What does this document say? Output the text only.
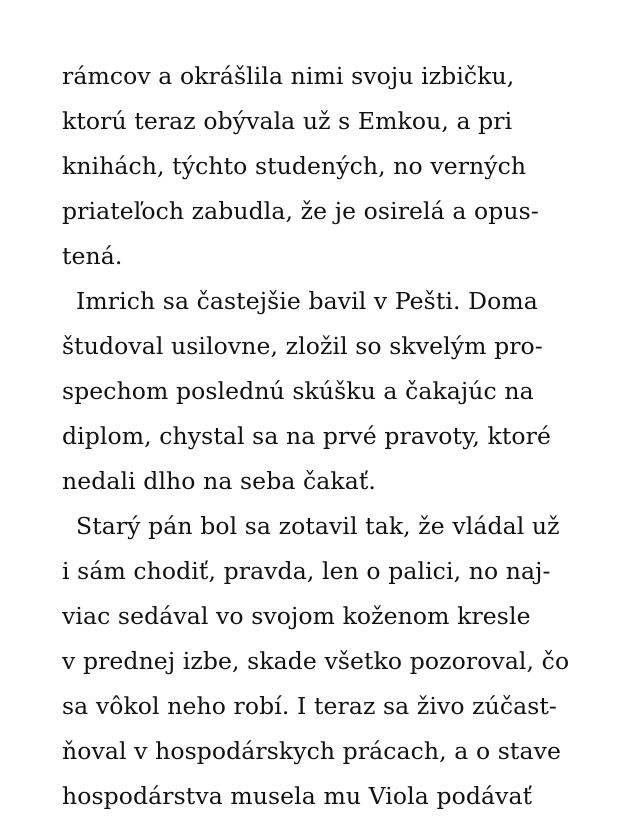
rámcov a okrášlila nimi svoju izbičku,
ktorú teraz obývala už s Emkou, a pri
knihách, týchto studených, no verných
priateľoch zabudla, že je osirelá a opus-
tená.
Imrich sa častejšie bavil v Pešti. Doma
študoval usilovne, zložil so skvelým pro-
spechom poslednú skúšku a čakajúc na
diplom, chystal sa na prvé pravoty, ktoré
nedali dlho na seba čakať.
Starý pán bol sa zotavil tak, že vládal už
i sám chodiť, pravda, len o palici, no naj-
viac sedával vo svojom koženom kresle
v prednej izbe, skade všetko pozoroval, čo
sa vôkol neho robí. I teraz sa živo zúčast-
ňoval v hospodárskych prácach, a o stave
hospodárstva musela mu Viola podávať
